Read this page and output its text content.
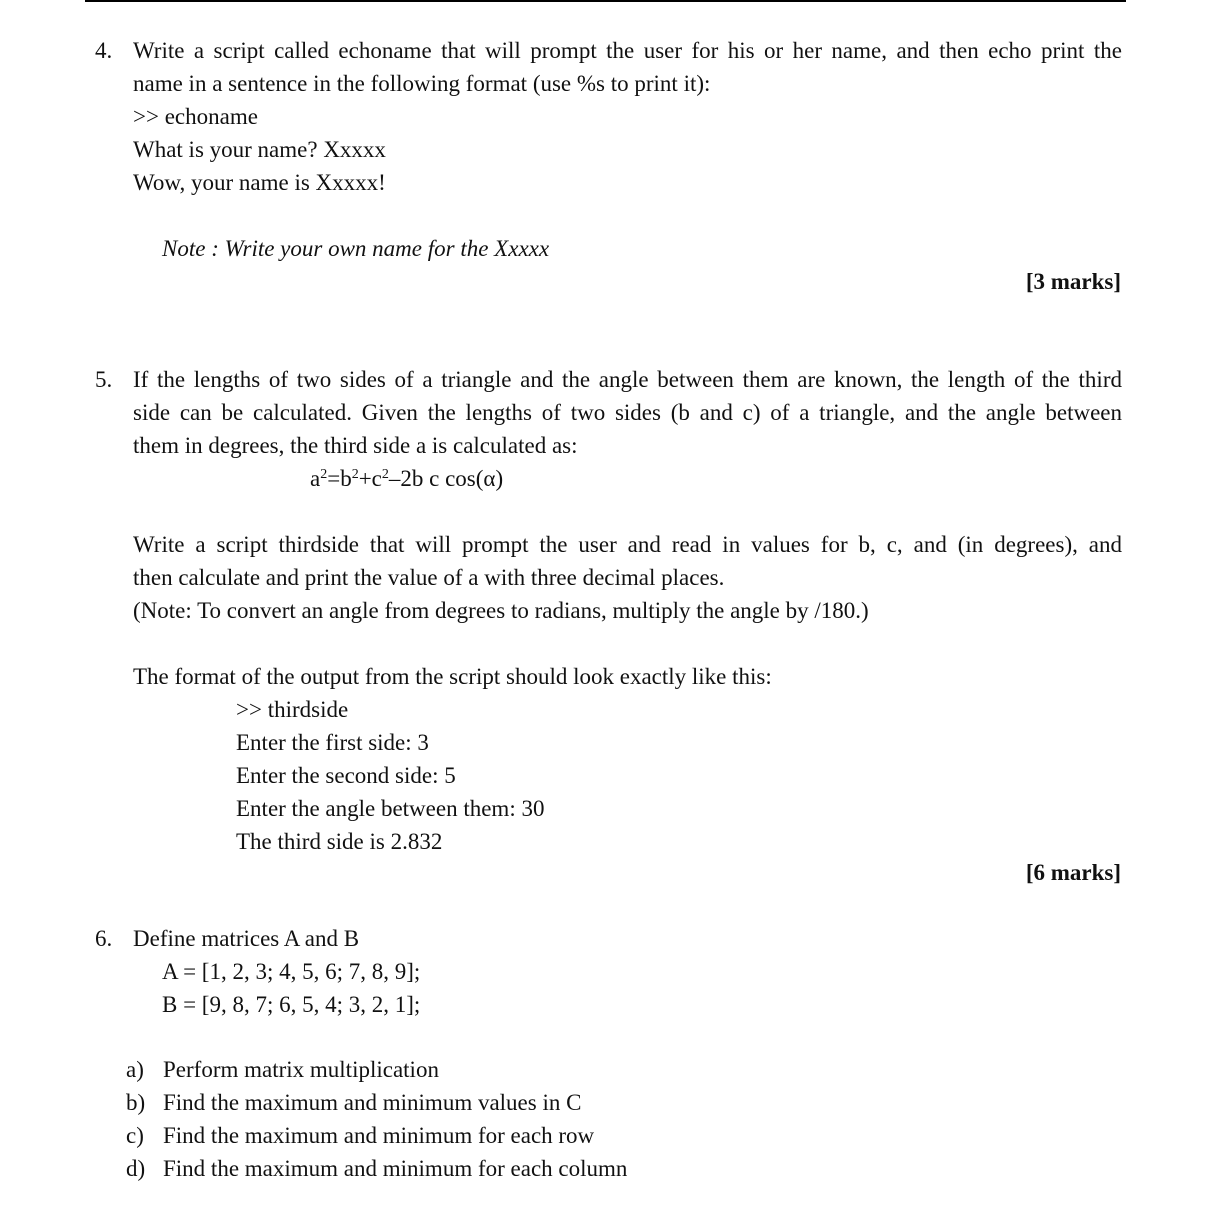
4. Write a script called echoname that will prompt the user for his or her name, and then echo print the
name in a sentence in the following format (use %s to print it):
>> echoname
What is your name? Xxxxx
Wow, your name is Xxxxx!
Note : Write your own name for the Xxxxx
[3 marks]
5. If the lengths of two sides of a triangle and the angle between them are known, the length of the third
side can be calculated. Given the lengths of two sides (b and c) of a triangle, and the angle between
them in degrees, the third side a is calculated as:
$a^2=b^2+c^2-2b$ c cos(α)
Write a script thirdside that will prompt the user and read in values for b, c, and (in degrees), and
then calculate and print the value of a with three decimal places.
(Note: To convert an angle from degrees to radians, multiply the angle by /180.)
The format of the output from the script should look exactly like this:
>> thirdside
Enter the first side: 3
Enter the second side: 5
Enter the angle between them: 30
The third side is 2.832
[6 marks]
6. Define matrices A and B
A = [1, 2, 3; 4, 5, 6; 7, 8, 9];
B = [9, 8, 7; 6, 5, 4; 3, 2, 1];
a) Perform matrix multiplication
b) Find the maximum and minimum values in C
c) Find the maximum and minimum for each row
d) Find the maximum and minimum for each column
